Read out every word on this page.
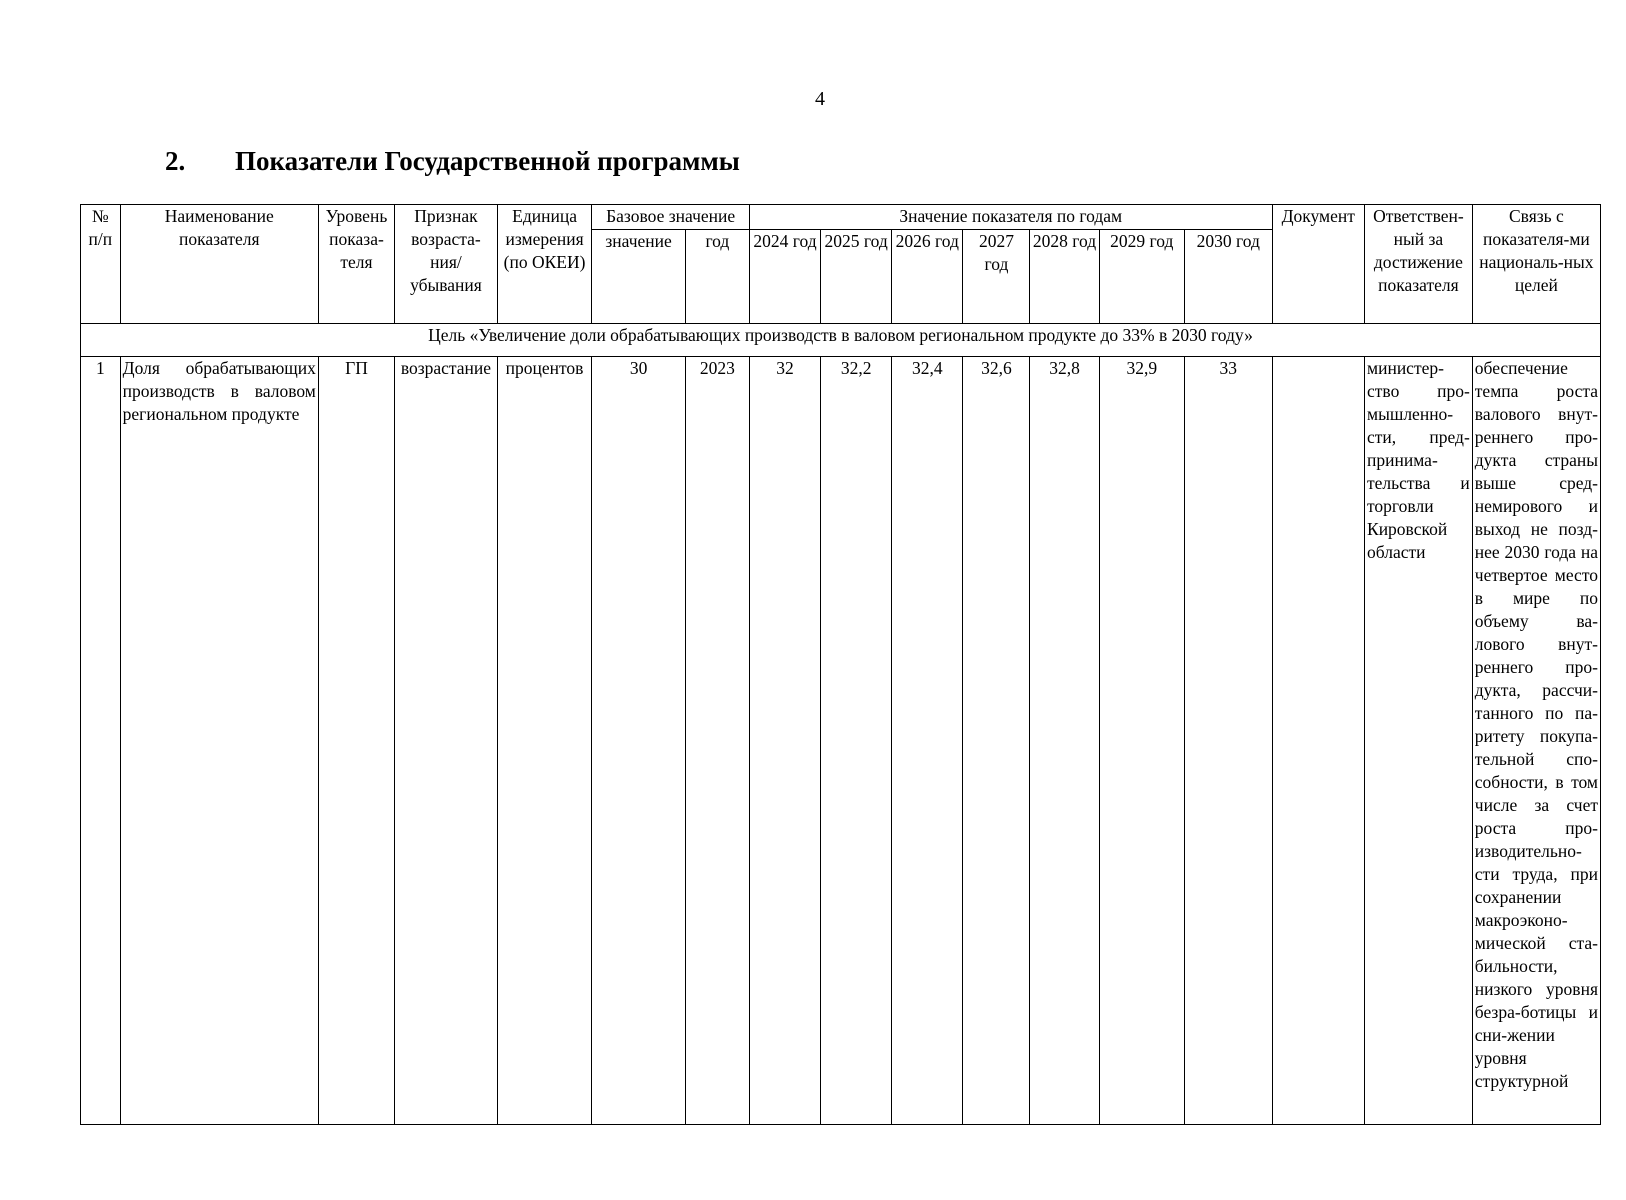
4
2. Показатели Государственной программы
№ п/п	Наименование показателя	Уровень показа-теля	Признак возраста-ния/ убывания	Единица измерения (по ОКЕИ)	Базовое значение		Значение показателя по годам							Документ	Ответствен-ный за достижение показателя	Связь с показателя-ми националь-ных целей
					значение	год	2024 год	2025 год	2026 год	2027 год	2028 год	2029 год	2030 год			
Цель «Увеличение доли обрабатывающих производств в валовом региональном продукте до 33% в 2030 году»																
1	Доля обрабатывающих производств в валовом региональном продукте	ГП	возрастание	процентов	30	2023	32	32,2	32,4	32,6	32,8	32,9	33		министер-ство про-мышленно-сти, пред-принима-тельства и торговли Кировской области	обеспечение темпа роста валового внут-реннего про-дукта страны выше сред-немирового и выход не позд-нее 2030 года на четвертое место в мире по объему ва-лового внут-реннего про-дукта, рассчи-танного по па-ритету покупа-тельной спо-собности, в том числе за счет роста про-изводительно-сти труда, при сохранении макроэконо-мической ста-бильности, низкого уровня безра-ботицы и сни-жении уровня структурной
